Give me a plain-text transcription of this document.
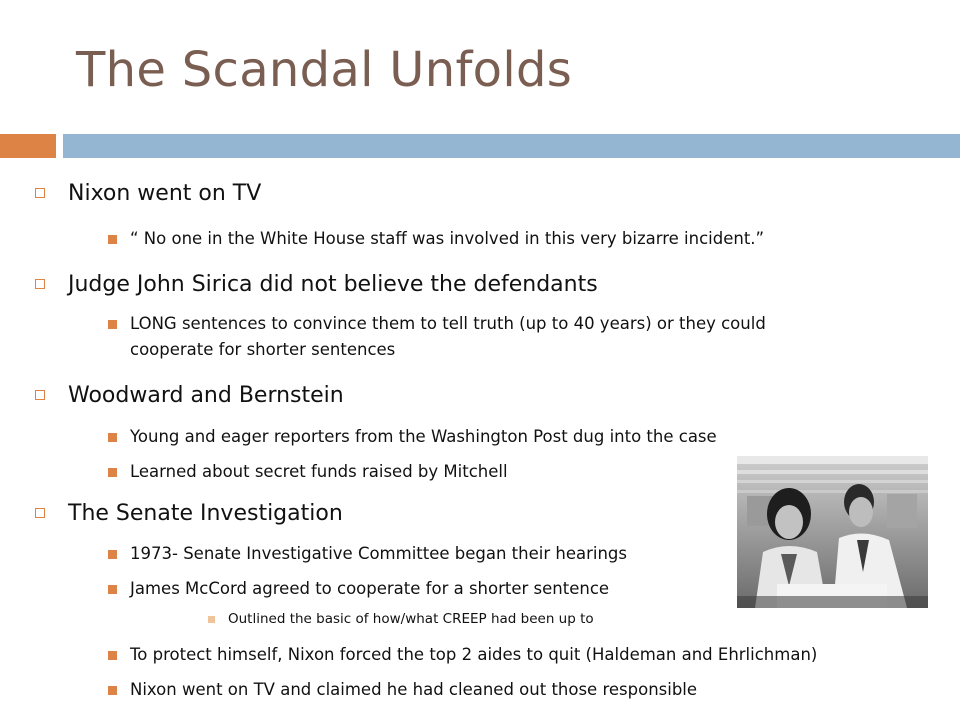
The Scandal Unfolds
Nixon went on TV
“ No one in the White House staff was involved in this very bizarre incident.”
Judge John Sirica did not believe the defendants
LONG sentences to convince them to tell truth (up to 40 years) or they could
cooperate for shorter sentences
Woodward and Bernstein
Young and eager reporters from the Washington Post dug into the case
Learned about secret funds raised by Mitchell
The Senate Investigation
1973- Senate Investigative Committee began their hearings
James McCord agreed to cooperate for a shorter sentence
Outlined the basic of how/what CREEP had been up to
To protect himself, Nixon forced the top 2 aides to quit (Haldeman and Ehrlichman)
Nixon went on TV and claimed he had cleaned out those responsible
